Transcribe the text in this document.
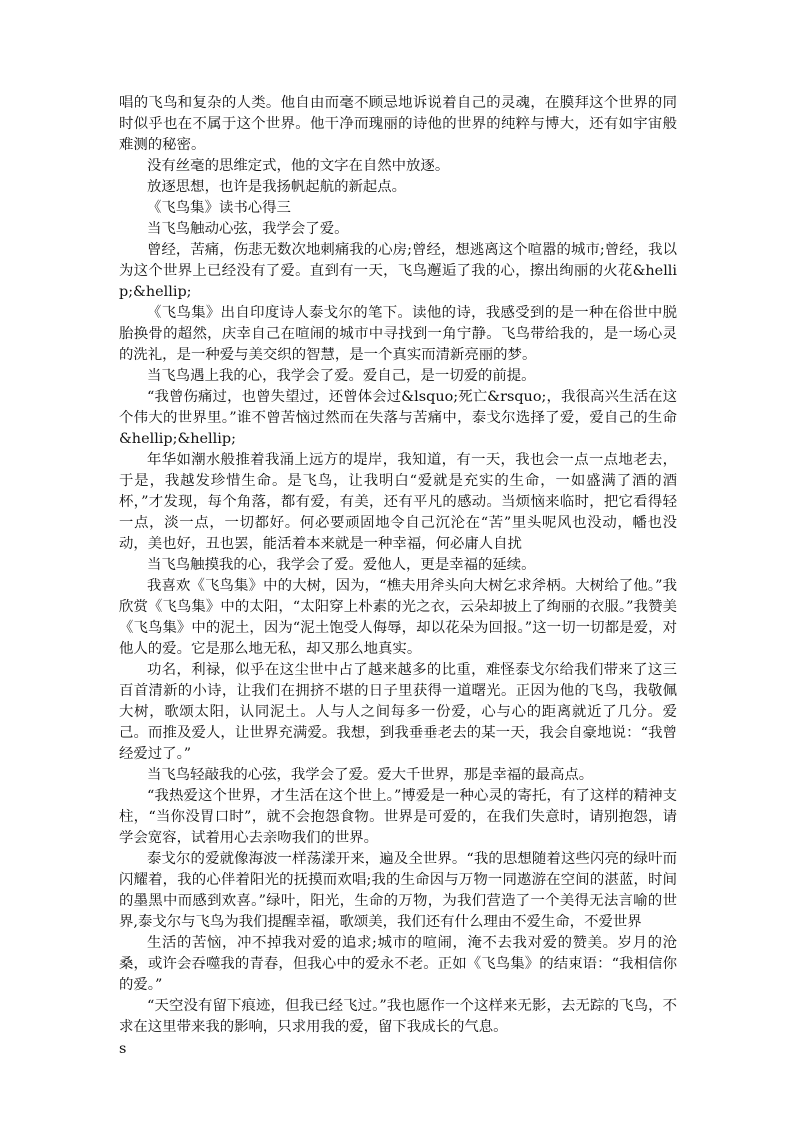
唱的飞鸟和复杂的人类。他自由而毫不顾忌地诉说着自己的灵魂，在膜拜这个世界的同时似乎也在不属于这个世界。他干净而瑰丽的诗他的世界的纯粹与博大，还有如宇宙般难测的秘密。

没有丝毫的思维定式，他的文字在自然中放逐。

放逐思想，也许是我扬帆起航的新起点。

《飞鸟集》读书心得三

当飞鸟触动心弦，我学会了爱。

曾经，苦痛，伤悲无数次地刺痛我的心房;曾经，想逃离这个喧嚣的城市;曾经，我以为这个世界上已经没有了爱。直到有一天，飞鸟邂逅了我的心，擦出绚丽的火花&hellip;&hellip;

《飞鸟集》出自印度诗人泰戈尔的笔下。读他的诗，我感受到的是一种在俗世中脱胎换骨的超然，庆幸自己在喧闹的城市中寻找到一角宁静。飞鸟带给我的，是一场心灵的洗礼，是一种爱与美交织的智慧，是一个真实而清新亮丽的梦。

当飞鸟遇上我的心，我学会了爱。爱自己，是一切爱的前提。

“我曾伤痛过，也曾失望过，还曾体会过&lsquo;死亡&rsquo;，我很高兴生活在这个伟大的世界里。”谁不曾苦恼过然而在失落与苦痛中，泰戈尔选择了爱，爱自己的生命&hellip;&hellip;

年华如潮水般推着我涌上远方的堤岸，我知道，有一天，我也会一点一点地老去，于是，我越发珍惜生命。是飞鸟，让我明白“爱就是充实的生命，一如盛满了酒的酒杯，”才发现，每个角落，都有爱，有美，还有平凡的感动。当烦恼来临时，把它看得轻一点，淡一点，一切都好。何必要顽固地令自己沉沦在“苦”里头呢风也没动，幡也没动，美也好，丑也罢，能活着本来就是一种幸福，何必庸人自扰

当飞鸟触摸我的心，我学会了爱。爱他人，更是幸福的延续。

我喜欢《飞鸟集》中的大树，因为，“樵夫用斧头向大树乞求斧柄。大树给了他。”我欣赏《飞鸟集》中的太阳，“太阳穿上朴素的光之衣，云朵却披上了绚丽的衣服。”我赞美《飞鸟集》中的泥土，因为“泥土饱受人侮辱，却以花朵为回报。”这一切一切都是爱，对他人的爱。它是那么地无私，却又那么地真实。

功名，利禄，似乎在这尘世中占了越来越多的比重，难怪泰戈尔给我们带来了这三百首清新的小诗，让我们在拥挤不堪的日子里获得一道曙光。正因为他的飞鸟，我敬佩大树，歌颂太阳，认同泥土。人与人之间每多一份爱，心与心的距离就近了几分。爱己。而推及爱人，让世界充满爱。我想，到我垂垂老去的某一天，我会自豪地说：“我曾经爱过了。”

当飞鸟轻敲我的心弦，我学会了爱。爱大千世界，那是幸福的最高点。

“我热爱这个世界，才生活在这个世上。”博爱是一种心灵的寄托，有了这样的精神支柱，“当你没胃口时”，就不会抱怨食物。世界是可爱的，在我们失意时，请别抱怨，请学会宽容，试着用心去亲吻我们的世界。

泰戈尔的爱就像海波一样荡漾开来，遍及全世界。“我的思想随着这些闪亮的绿叶而闪耀着，我的心伴着阳光的抚摸而欢唱;我的生命因与万物一同遨游在空间的湛蓝，时间的墨黑中而感到欢喜。”绿叶，阳光，生命的万物，为我们营造了一个美得无法言喻的世界,泰戈尔与飞鸟为我们提醒幸福，歌颂美，我们还有什么理由不爱生命，不爱世界

生活的苦恼，冲不掉我对爱的追求;城市的喧闹，淹不去我对爱的赞美。岁月的沧桑，或许会吞噬我的青春，但我心中的爱永不老。正如《飞鸟集》的结束语：“我相信你的爱。”

“天空没有留下痕迹，但我已经飞过。”我也愿作一个这样来无影，去无踪的飞鸟，不求在这里带来我的影响，只求用我的爱，留下我成长的气息。

s
